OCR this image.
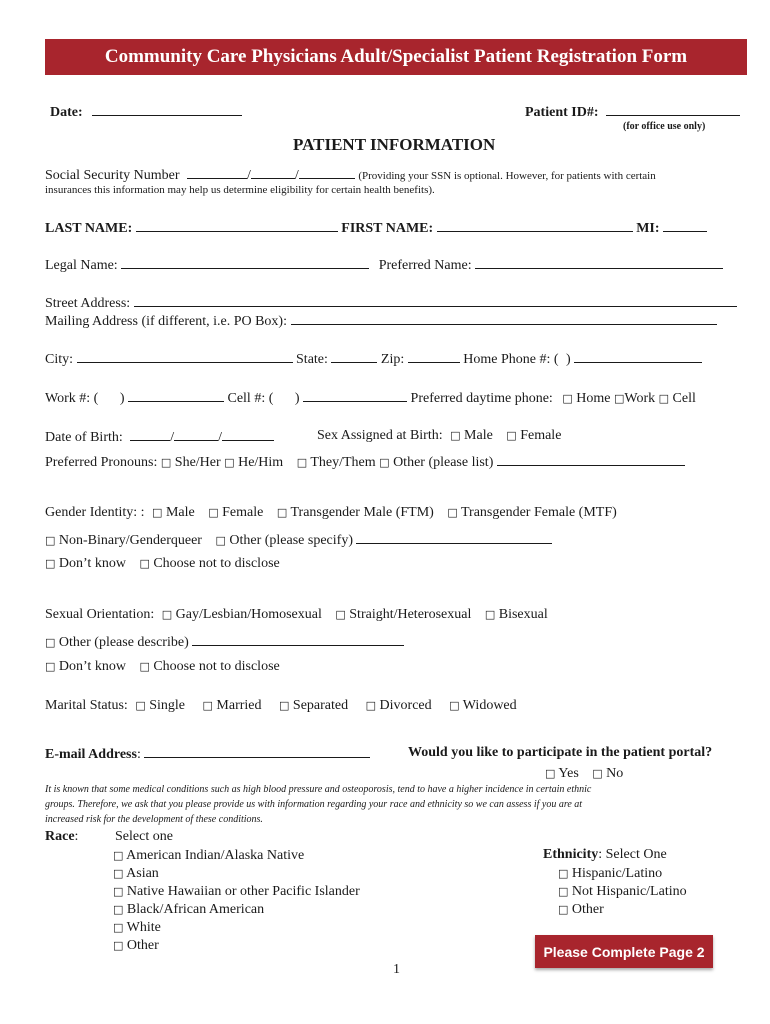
Community Care Physicians Adult/Specialist Patient Registration Form
Date:	Patient ID#:
(for office use only)
PATIENT INFORMATION
Social Security Number	/	/	(Providing your SSN is optional. However, for patients with certain
insurances this information may help us determine eligibility for certain health benefits).
LAST NAME:	FIRST NAME:	MI:
Legal Name:	Preferred Name:
Street Address:
Mailing Address (if different, i.e. PO Box):
City:	State:	Zip:	Home Phone #: ( )
Work #: ( )	Cell #: ( )	Preferred daytime phone: □ Home □Work □ Cell
Date of Birth:	/	/	Sex Assigned at Birth: □ Male □ Female
Preferred Pronouns: □ She/Her □ He/Him □ They/Them □ Other (please list)
Gender Identity: : □ Male □ Female □ Transgender Male (FTM) □ Transgender Female (MTF)
□ Non-Binary/Genderqueer □ Other (please specify)
□ Don’t know □ Choose not to disclose
Sexual Orientation: □ Gay/Lesbian/Homosexual □ Straight/Heterosexual □ Bisexual
□ Other (please describe)
□ Don’t know □ Choose not to disclose
Marital Status: □ Single □ Married □ Separated □ Divorced □ Widowed
E-mail Address:	Would you like to participate in the patient portal?
□ Yes □ No
It is known that some medical conditions such as high blood pressure and osteoporosis, tend to have a higher incidence in certain ethnic
groups. Therefore, we ask that you please provide us with information regarding your race and ethnicity so we can assess if you are at
increased risk for the development of these conditions.
Race:	Select one
□ American Indian/Alaska Native
□ Asian
□ Native Hawaiian or other Pacific Islander
□ Black/African American
□ White
□ Other
Ethnicity: Select One
□ Hispanic/Latino
□ Not Hispanic/Latino
□ Other
Please Complete Page 2
1
